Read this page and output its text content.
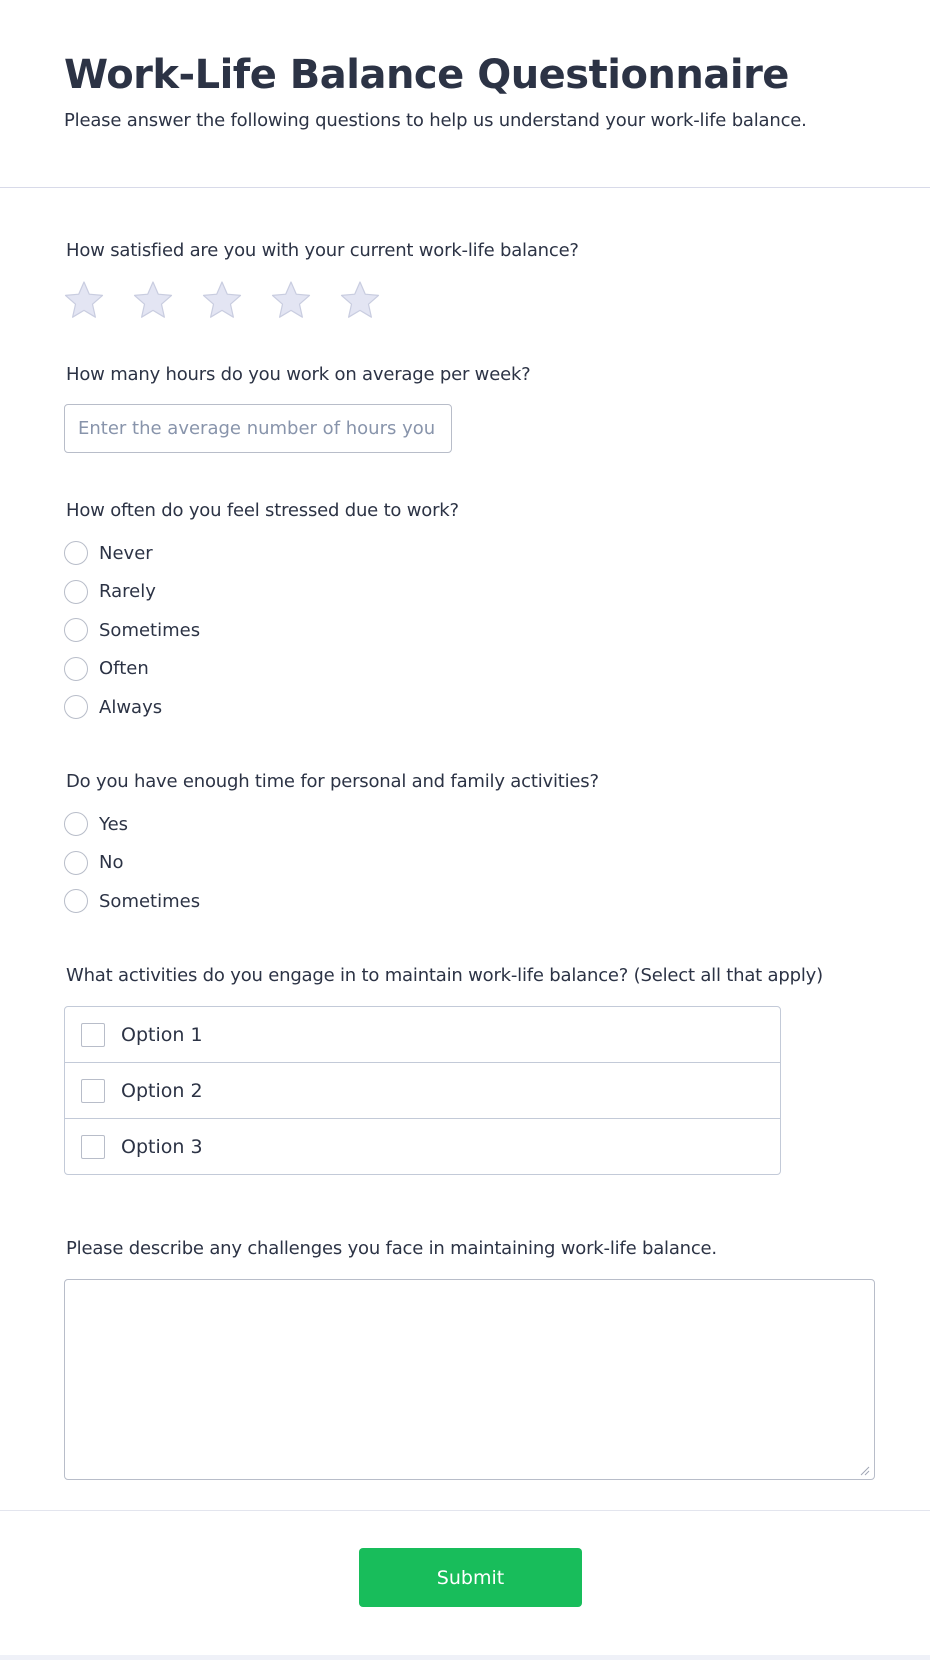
Work-Life Balance Questionnaire
Please answer the following questions to help us understand your work-life balance.
How satisfied are you with your current work-life balance?
How many hours do you work on average per week?
Enter the average number of hours you work per week
How often do you feel stressed due to work?
Never
Rarely
Sometimes
Often
Always
Do you have enough time for personal and family activities?
Yes
No
Sometimes
What activities do you engage in to maintain work-life balance? (Select all that apply)
Option 1
Option 2
Option 3
Please describe any challenges you face in maintaining work-life balance.
Submit
